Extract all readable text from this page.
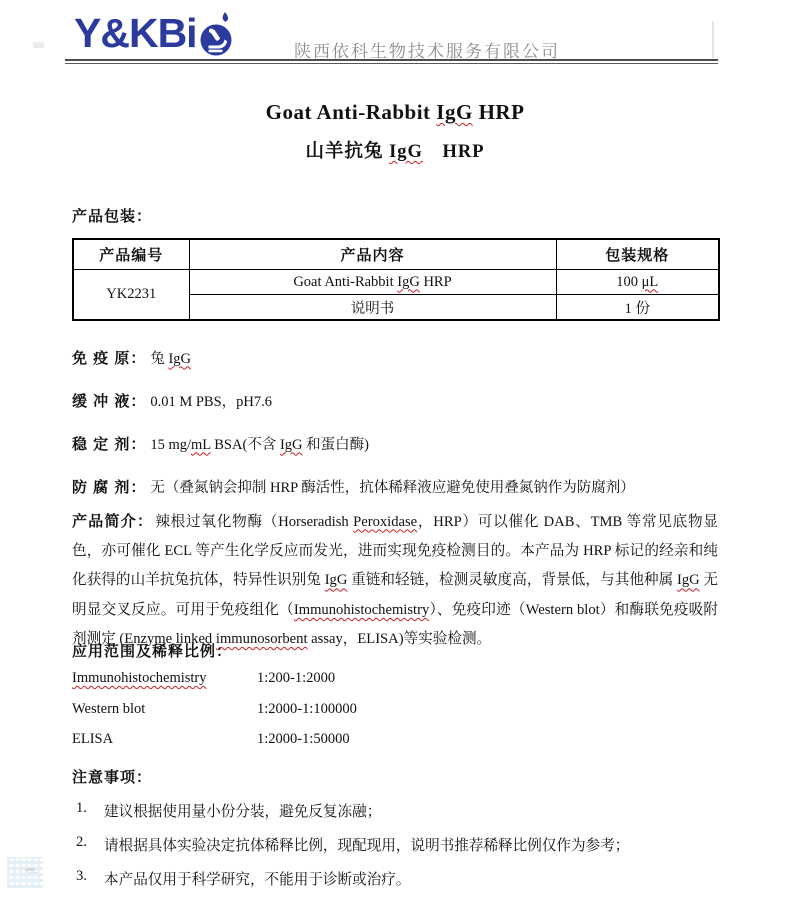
Y&KBi	陕西依科生物技术服务有限公司
Goat Anti-Rabbit IgG HRP
山羊抗兔 IgG　HRP
产品包装：
产品编号	产品内容	包装规格
YK2231	Goat Anti-Rabbit IgG HRP	100 μL
	说明书	1 份

免 疫 原： 兔 IgG

缓 冲 液： 0.01 M PBS，pH7.6

稳 定 剂： 15 mg/mL BSA(不含 IgG 和蛋白酶)

防 腐 剂： 无（叠氮钠会抑制 HRP 酶活性，抗体稀释液应避免使用叠氮钠作为防腐剂）

产品简介： 辣根过氧化物酶（Horseradish Peroxidase，HRP）可以催化 DAB、TMB 等常见底物显色，亦可催化 ECL 等产生化学反应而发光，进而实现免疫检测目的。本产品为 HRP 标记的经亲和纯化获得的山羊抗兔抗体，特异性识别兔 IgG 重链和轻链，检测灵敏度高，背景低，与其他种属 IgG 无明显交叉反应。可用于免疫组化（Immunohistochemistry）、免疫印迹（Western blot）和酶联免疫吸附剂测定 (Enzyme linked immunosorbent assay，ELISA)等实验检测。

应用范围及稀释比例：
Immunohistochemistry	1:200-1:2000
Western blot	1:2000-1:100000
ELISA	1:2000-1:50000
注意事项：
1.	建议根据使用量小份分装，避免反复冻融；
2.	请根据具体实验决定抗体稀释比例，现配现用，说明书推荐稀释比例仅作为参考；
3.	本产品仅用于科学研究，不能用于诊断或治疗。
